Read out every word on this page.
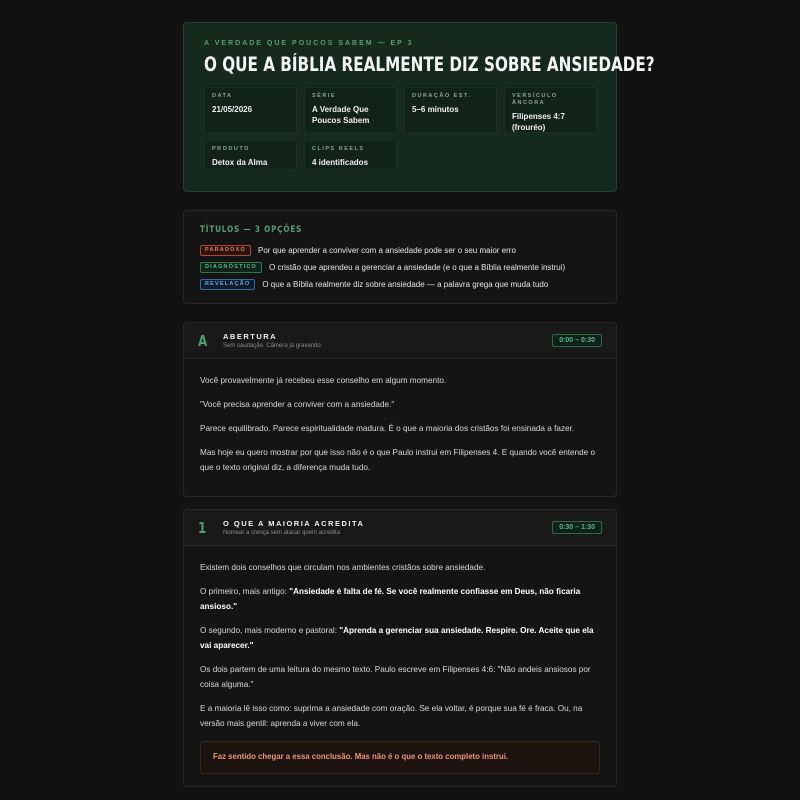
A VERDADE QUE POUCOS SABEM — EP 3
O QUE A BÍBLIA REALMENTE DIZ SOBRE ANSIEDADE?
DATA
21/05/2026
SÉRIE
A Verdade Que Poucos Sabem
DURAÇÃO EST.
5–6 minutos
VERSÍCULO ÂNCORA
Filipenses 4:7 (frouréo)
PRODUTO
Detox da Alma
CLIPS REELS
4 identificados
TÍTULOS — 3 OPÇÕES
PARADOXO	Por que aprender a conviver com a ansiedade pode ser o seu maior erro
DIAGNÓSTICO	O cristão que aprendeu a gerenciar a ansiedade (e o que a Bíblia realmente instrui)
REVELAÇÃO	O que a Bíblia realmente diz sobre ansiedade — a palavra grega que muda tudo
A	ABERTURA
Sem saudação. Câmera já gravando.
0:00 – 0:30

Você provavelmente já recebeu esse conselho em algum momento.

"Você precisa aprender a conviver com a ansiedade."

Parece equilibrado. Parece espiritualidade madura. É o que a maioria dos cristãos foi ensinada a fazer.

Mas hoje eu quero mostrar por que isso não é o que Paulo instrui em Filipenses 4. E quando você entende o que o texto original diz, a diferença muda tudo.

1	O QUE A MAIORIA ACREDITA
Nomear a crença sem atacar quem acredita
0:30 – 1:30

Existem dois conselhos que circulam nos ambientes cristãos sobre ansiedade.

O primeiro, mais antigo: "Ansiedade é falta de fé. Se você realmente confiasse em Deus, não ficaria ansioso."

O segundo, mais moderno e pastoral: "Aprenda a gerenciar sua ansiedade. Respire. Ore. Aceite que ela vai aparecer."

Os dois partem de uma leitura do mesmo texto. Paulo escreve em Filipenses 4:6: "Não andeis ansiosos por coisa alguma."

E a maioria lê isso como: suprima a ansiedade com oração. Se ela voltar, é porque sua fé é fraca. Ou, na versão mais gentil: aprenda a viver com ela.

Faz sentido chegar a essa conclusão. Mas não é o que o texto completo instrui.
